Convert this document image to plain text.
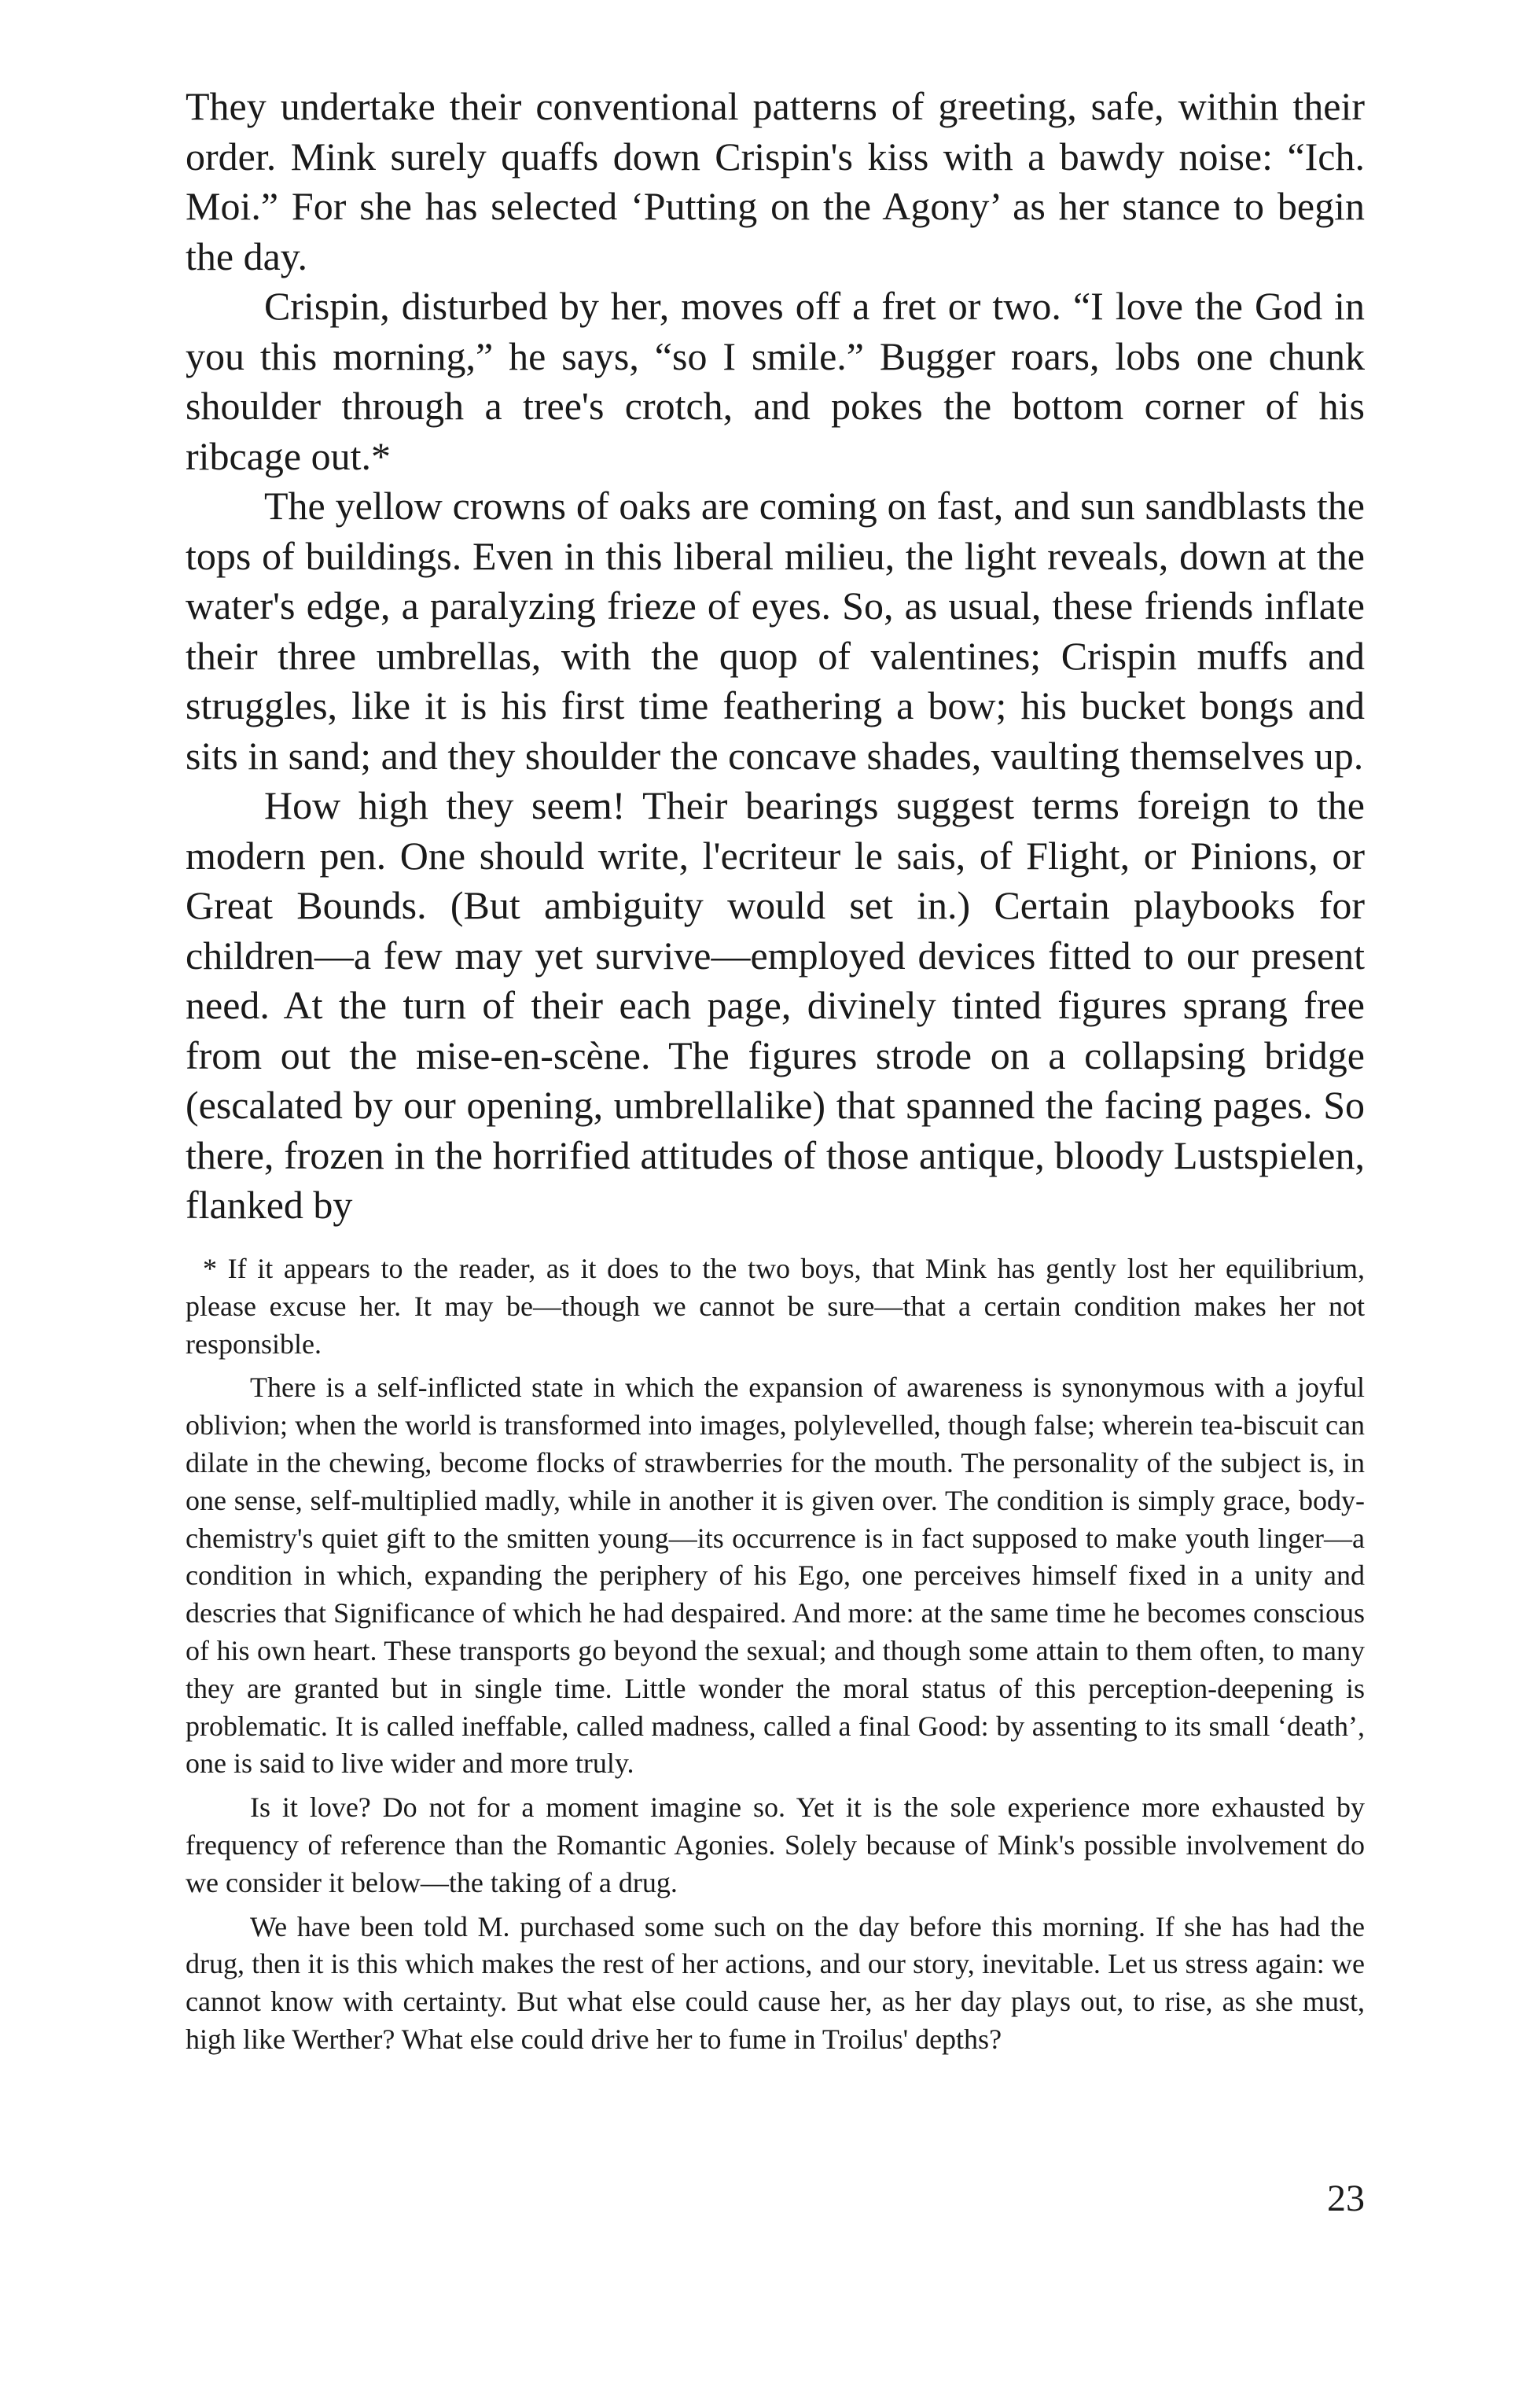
They undertake their conventional patterns of greeting, safe, within their order. Mink surely quaffs down Crispin's kiss with a bawdy noise: “Ich. Moi.” For she has selected ‘Putting on the Agony’ as her stance to begin the day.

Crispin, disturbed by her, moves off a fret or two. “I love the God in you this morning,” he says, “so I smile.” Bugger roars, lobs one chunk shoulder through a tree's crotch, and pokes the bottom corner of his ribcage out.*

The yellow crowns of oaks are coming on fast, and sun sandblasts the tops of buildings. Even in this liberal milieu, the light reveals, down at the water's edge, a paralyzing frieze of eyes. So, as usual, these friends inflate their three umbrellas, with the quop of valentines; Crispin muffs and struggles, like it is his first time feathering a bow; his bucket bongs and sits in sand; and they shoulder the concave shades, vaulting themselves up.

How high they seem! Their bearings suggest terms foreign to the modern pen. One should write, l'ecriteur le sais, of Flight, or Pinions, or Great Bounds. (But ambiguity would set in.) Certain playbooks for children—a few may yet survive—employed devices fitted to our present need. At the turn of their each page, divinely tinted figures sprang free from out the mise-en-scène. The figures strode on a collapsing bridge (escalated by our opening, umbrellalike) that spanned the facing pages. So there, frozen in the horrified attitudes of those antique, bloody Lustspielen, flanked by

* If it appears to the reader, as it does to the two boys, that Mink has gently lost her equilibrium, please excuse her. It may be—though we cannot be sure—that a certain condition makes her not responsible.

There is a self-inflicted state in which the expansion of awareness is synonymous with a joyful oblivion; when the world is transformed into images, polylevelled, though false; wherein tea-biscuit can dilate in the chewing, become flocks of strawberries for the mouth. The personality of the subject is, in one sense, self-multiplied madly, while in another it is given over. The condition is simply grace, body-chemistry's quiet gift to the smitten young—its occurrence is in fact supposed to make youth linger—a condition in which, expanding the periphery of his Ego, one perceives himself fixed in a unity and descries that Significance of which he had despaired. And more: at the same time he becomes conscious of his own heart. These transports go beyond the sexual; and though some attain to them often, to many they are granted but in single time. Little wonder the moral status of this perception-deepening is problematic. It is called ineffable, called madness, called a final Good: by assenting to its small ‘death’, one is said to live wider and more truly.

Is it love? Do not for a moment imagine so. Yet it is the sole experience more exhausted by frequency of reference than the Romantic Agonies. Solely because of Mink's possible involvement do we consider it below—the taking of a drug.

We have been told M. purchased some such on the day before this morning. If she has had the drug, then it is this which makes the rest of her actions, and our story, inevitable. Let us stress again: we cannot know with certainty. But what else could cause her, as her day plays out, to rise, as she must, high like Werther? What else could drive her to fume in Troilus' depths?

23
